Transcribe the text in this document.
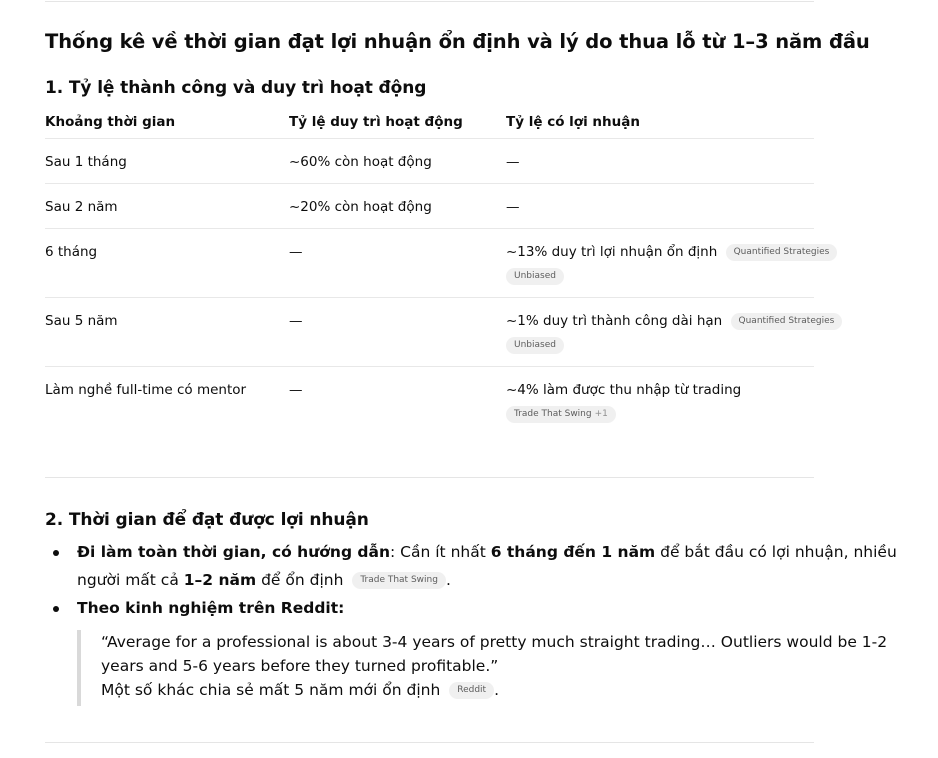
Thống kê về thời gian đạt lợi nhuận ổn định và lý do thua lỗ từ 1–3 năm đầu
1. Tỷ lệ thành công và duy trì hoạt động
Khoảng thời gian	Tỷ lệ duy trì hoạt động	Tỷ lệ có lợi nhuận
Sau 1 tháng	~60% còn hoạt động	—
Sau 2 năm	~20% còn hoạt động	—
6 tháng	—	~13% duy trì lợi nhuận ổn định Quantified Strategies
Unbiased
Sau 5 năm	—	~1% duy trì thành công dài hạn Quantified Strategies
Unbiased
Làm nghề full-time có mentor	—	~4% làm được thu nhập từ trading
Trade That Swing +1
2. Thời gian để đạt được lợi nhuận
Đi làm toàn thời gian, có hướng dẫn: Cần ít nhất 6 tháng đến 1 năm để bắt đầu có lợi nhuận, nhiều
người mất cả 1–2 năm để ổn định Trade That Swing .
Theo kinh nghiệm trên Reddit:
“Average for a professional is about 3-4 years of pretty much straight trading… Outliers would be 1-2
years and 5-6 years before they turned profitable.”
Một số khác chia sẻ mất 5 năm mới ổn định Reddit .
